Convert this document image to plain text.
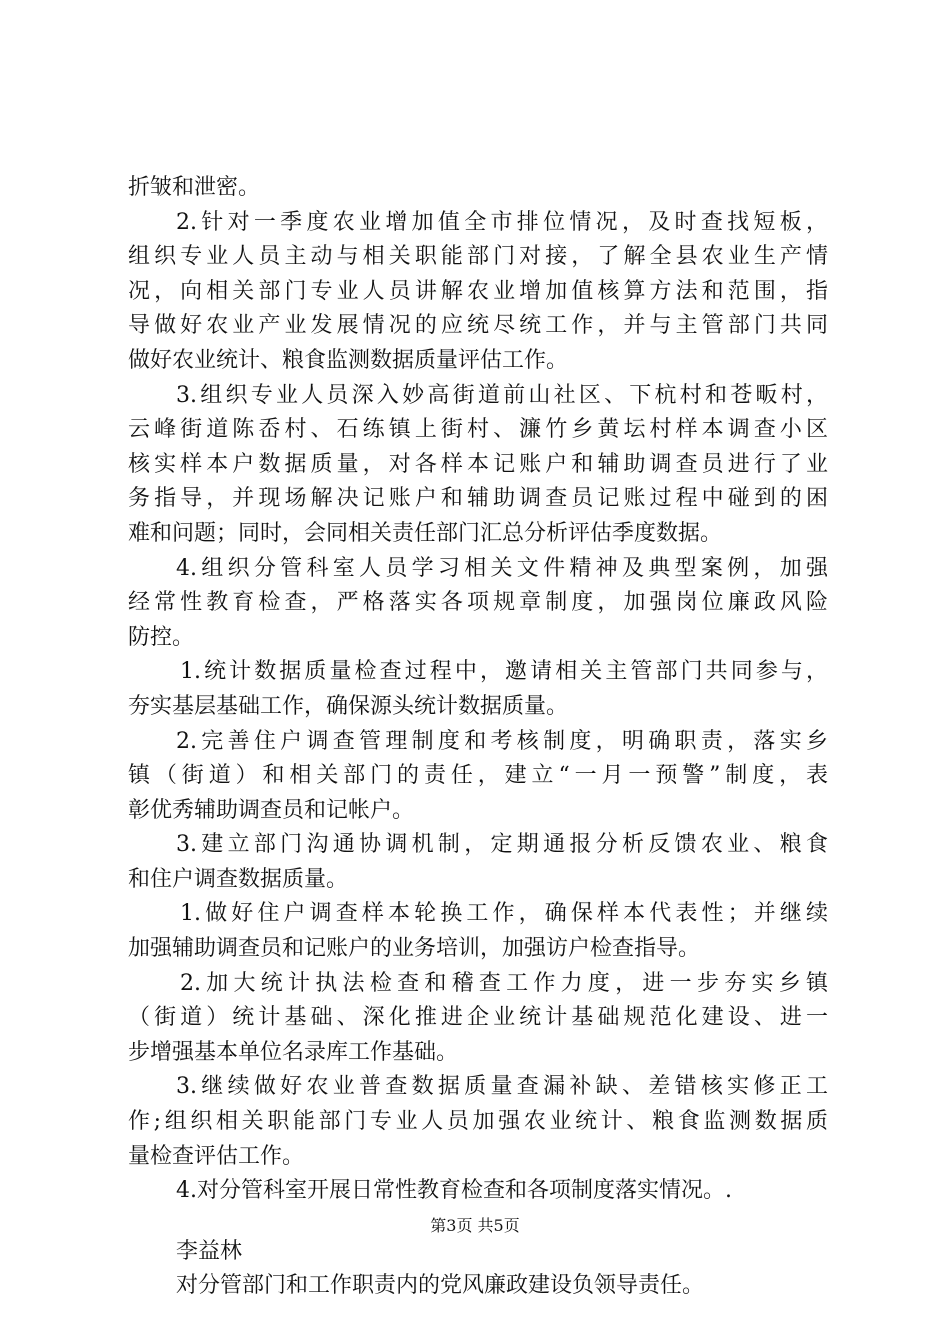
折皱和泄密。
2.针对一季度农业增加值全市排位情况，及时查找短板，
组织专业人员主动与相关职能部门对接，了解全县农业生产情
况，向相关部门专业人员讲解农业增加值核算方法和范围，指
导做好农业产业发展情况的应统尽统工作，并与主管部门共同
做好农业统计、粮食监测数据质量评估工作。
3.组织专业人员深入妙高街道前山社区、下杭村和苍畈村，
云峰街道陈岙村、石练镇上街村、濂竹乡黄坛村样本调查小区
核实样本户数据质量，对各样本记账户和辅助调查员进行了业
务指导，并现场解决记账户和辅助调查员记账过程中碰到的困
难和问题；同时，会同相关责任部门汇总分析评估季度数据。
4.组织分管科室人员学习相关文件精神及典型案例，加强
经常性教育检查，严格落实各项规章制度，加强岗位廉政风险
防控。
1.统计数据质量检查过程中，邀请相关主管部门共同参与，
夯实基层基础工作，确保源头统计数据质量。
2.完善住户调查管理制度和考核制度，明确职责，落实乡
镇（街道）和相关部门的责任，建立“一月一预警”制度，表
彰优秀辅助调查员和记帐户。
3.建立部门沟通协调机制，定期通报分析反馈农业、粮食
和住户调查数据质量。
1.做好住户调查样本轮换工作，确保样本代表性；并继续
加强辅助调查员和记账户的业务培训，加强访户检查指导。
2.加大统计执法检查和稽查工作力度，进一步夯实乡镇
（街道）统计基础、深化推进企业统计基础规范化建设、进一
步增强基本单位名录库工作基础。
3.继续做好农业普查数据质量查漏补缺、差错核实修正工
作;组织相关职能部门专业人员加强农业统计、粮食监测数据质
量检查评估工作。
4.对分管科室开展日常性教育检查和各项制度落实情况。.
李益林
对分管部门和工作职责内的党风廉政建设负领导责任。
第3页 共5页
